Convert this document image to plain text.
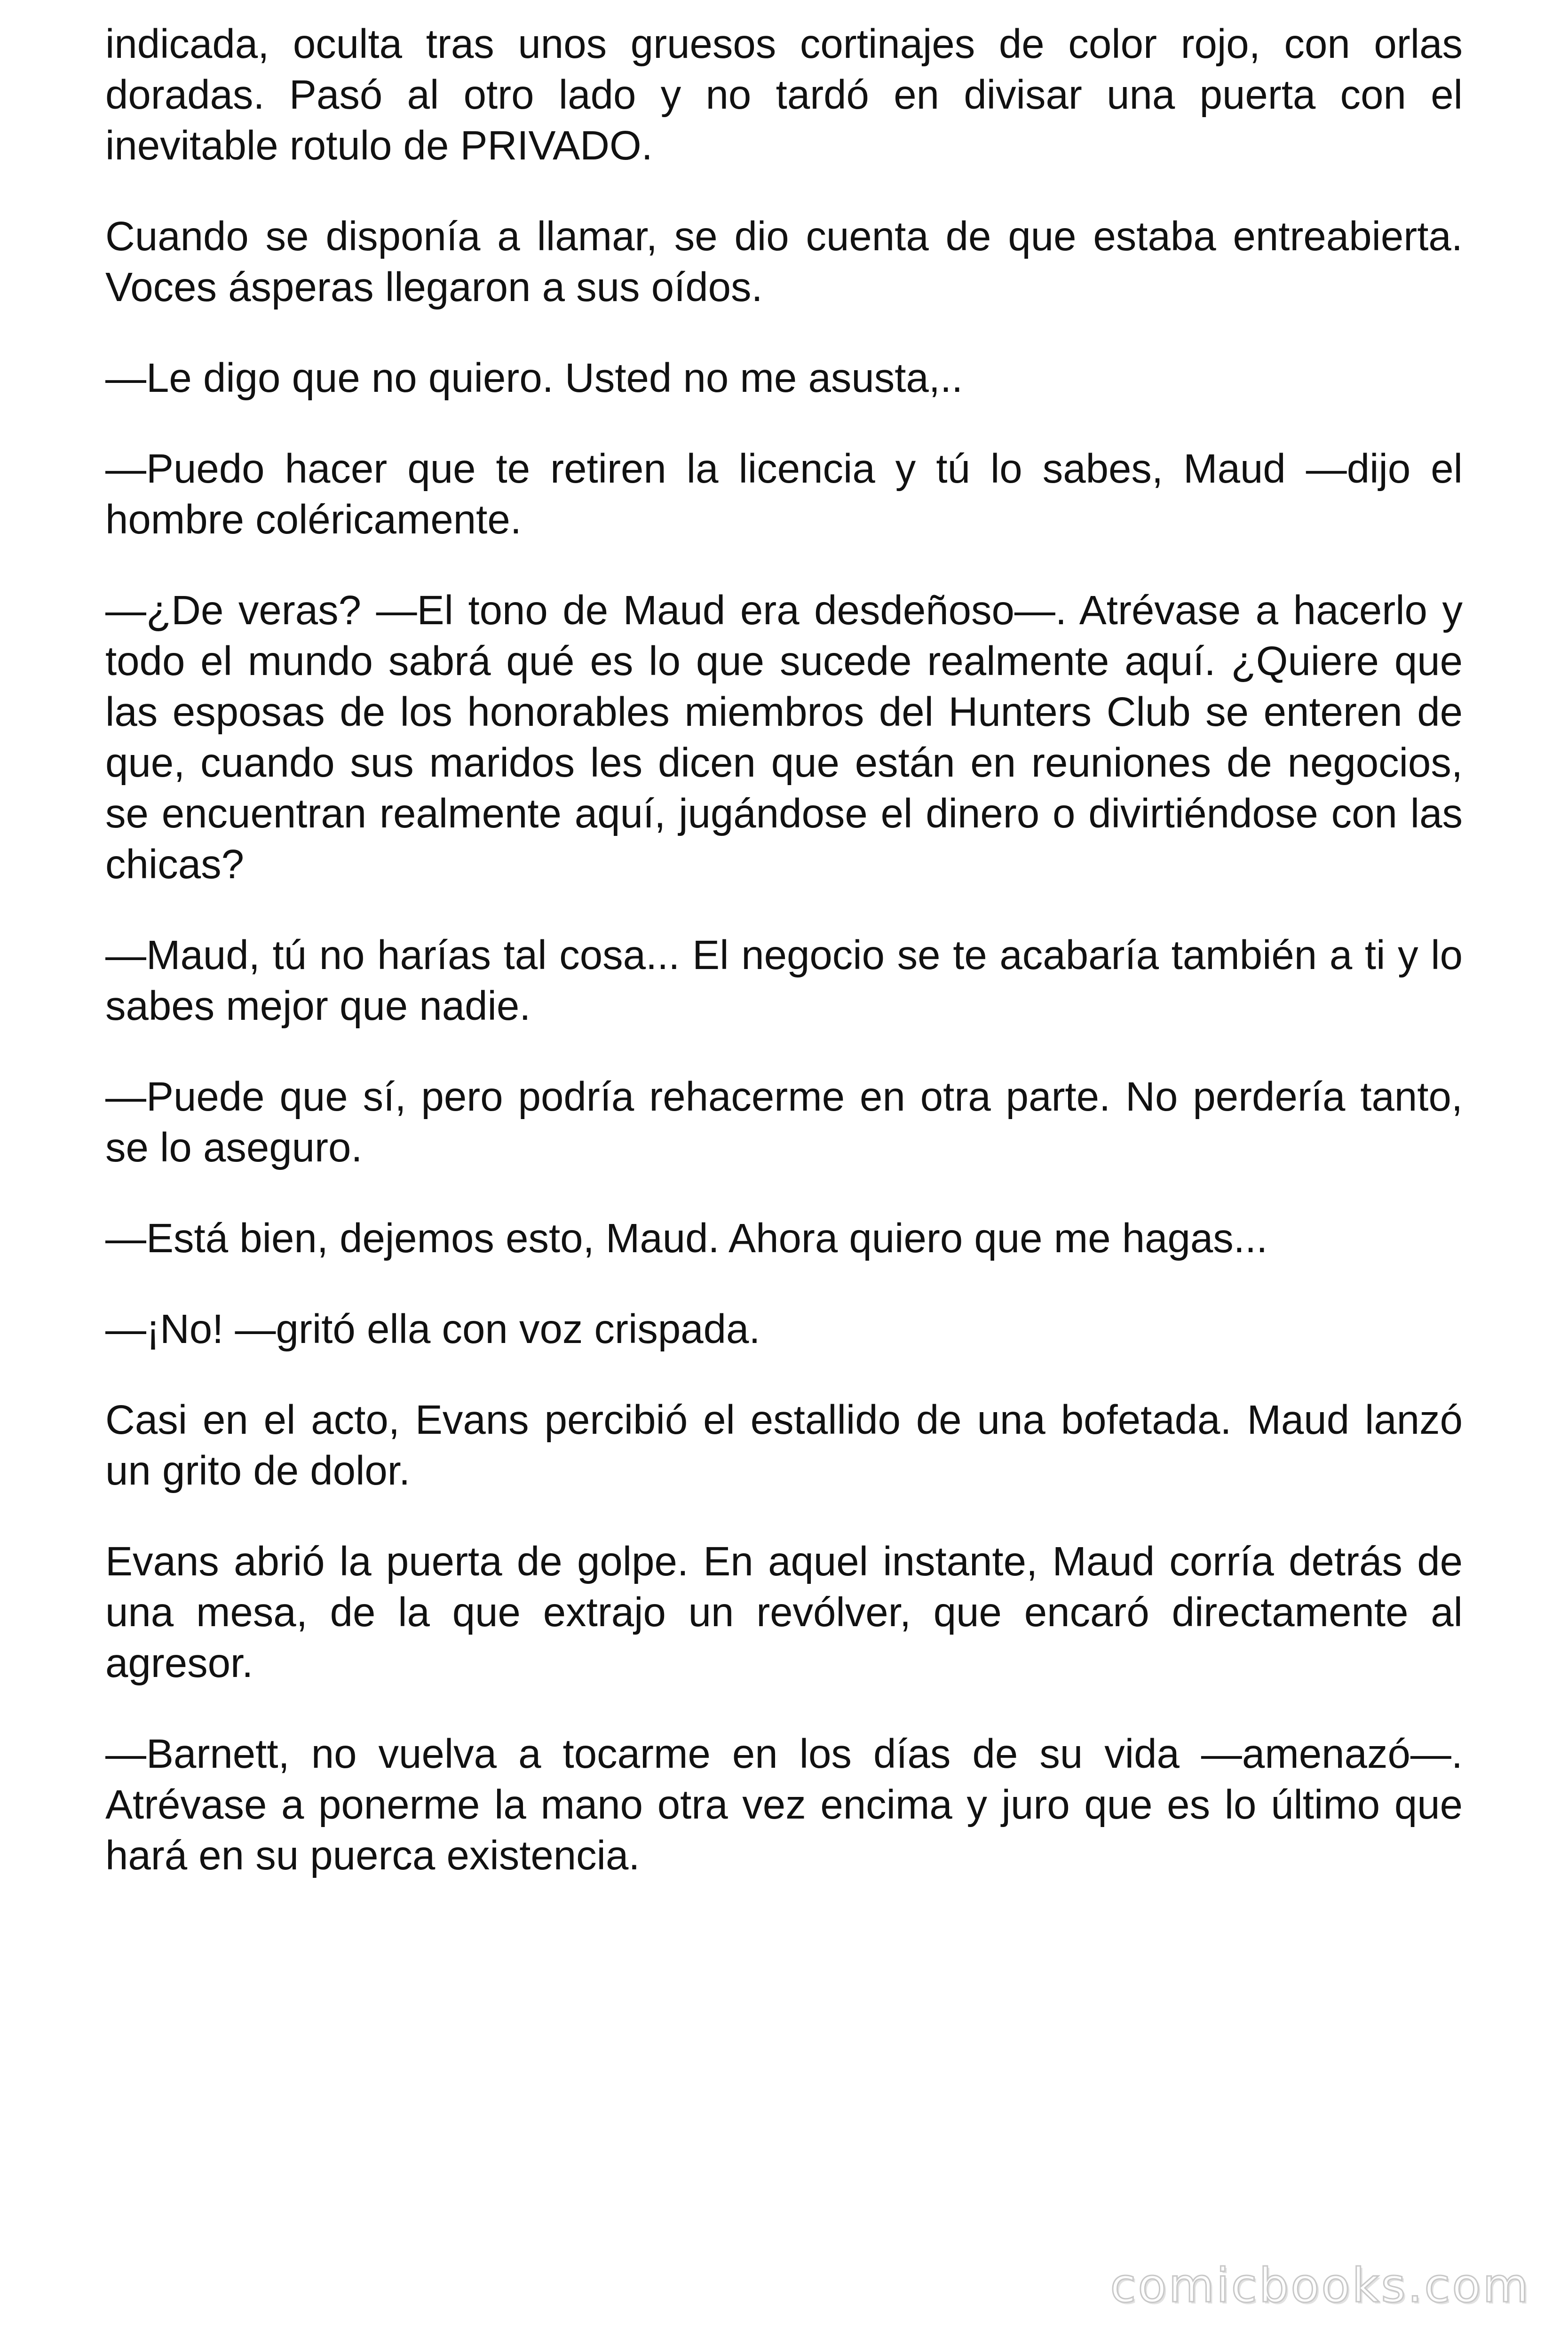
indicada, oculta tras unos gruesos cortinajes de color rojo, con orlas doradas. Pasó al otro lado y no tardó en divisar una puerta con el inevitable rotulo de PRIVADO.

Cuando se disponía a llamar, se dio cuenta de que estaba entreabierta. Voces ásperas llegaron a sus oídos.

—Le digo que no quiero. Usted no me asusta,..

—Puedo hacer que te retiren la licencia y tú lo sabes, Maud —dijo el hombre coléricamente.

—¿De veras? —El tono de Maud era desdeñoso—. Atrévase a hacerlo y todo el mundo sabrá qué es lo que sucede realmente aquí. ¿Quiere que las esposas de los honorables miembros del Hunters Club se enteren de que, cuando sus maridos les dicen que están en reuniones de negocios, se encuentran realmente aquí, jugándose el dinero o divirtiéndose con las chicas?

—Maud, tú no harías tal cosa... El negocio se te acabaría también a ti y lo sabes mejor que nadie.

—Puede que sí, pero podría rehacerme en otra parte. No perdería tanto, se lo aseguro.

—Está bien, dejemos esto, Maud. Ahora quiero que me hagas...

—¡No! —gritó ella con voz crispada.

Casi en el acto, Evans percibió el estallido de una bofetada. Maud lanzó un grito de dolor.

Evans abrió la puerta de golpe. En aquel instante, Maud corría detrás de una mesa, de la que extrajo un revólver, que encaró directamente al agresor.

—Barnett, no vuelva a tocarme en los días de su vida —amenazó—. Atrévase a ponerme la mano otra vez encima y juro que es lo último que hará en su puerca existencia.

comicbooks.com
